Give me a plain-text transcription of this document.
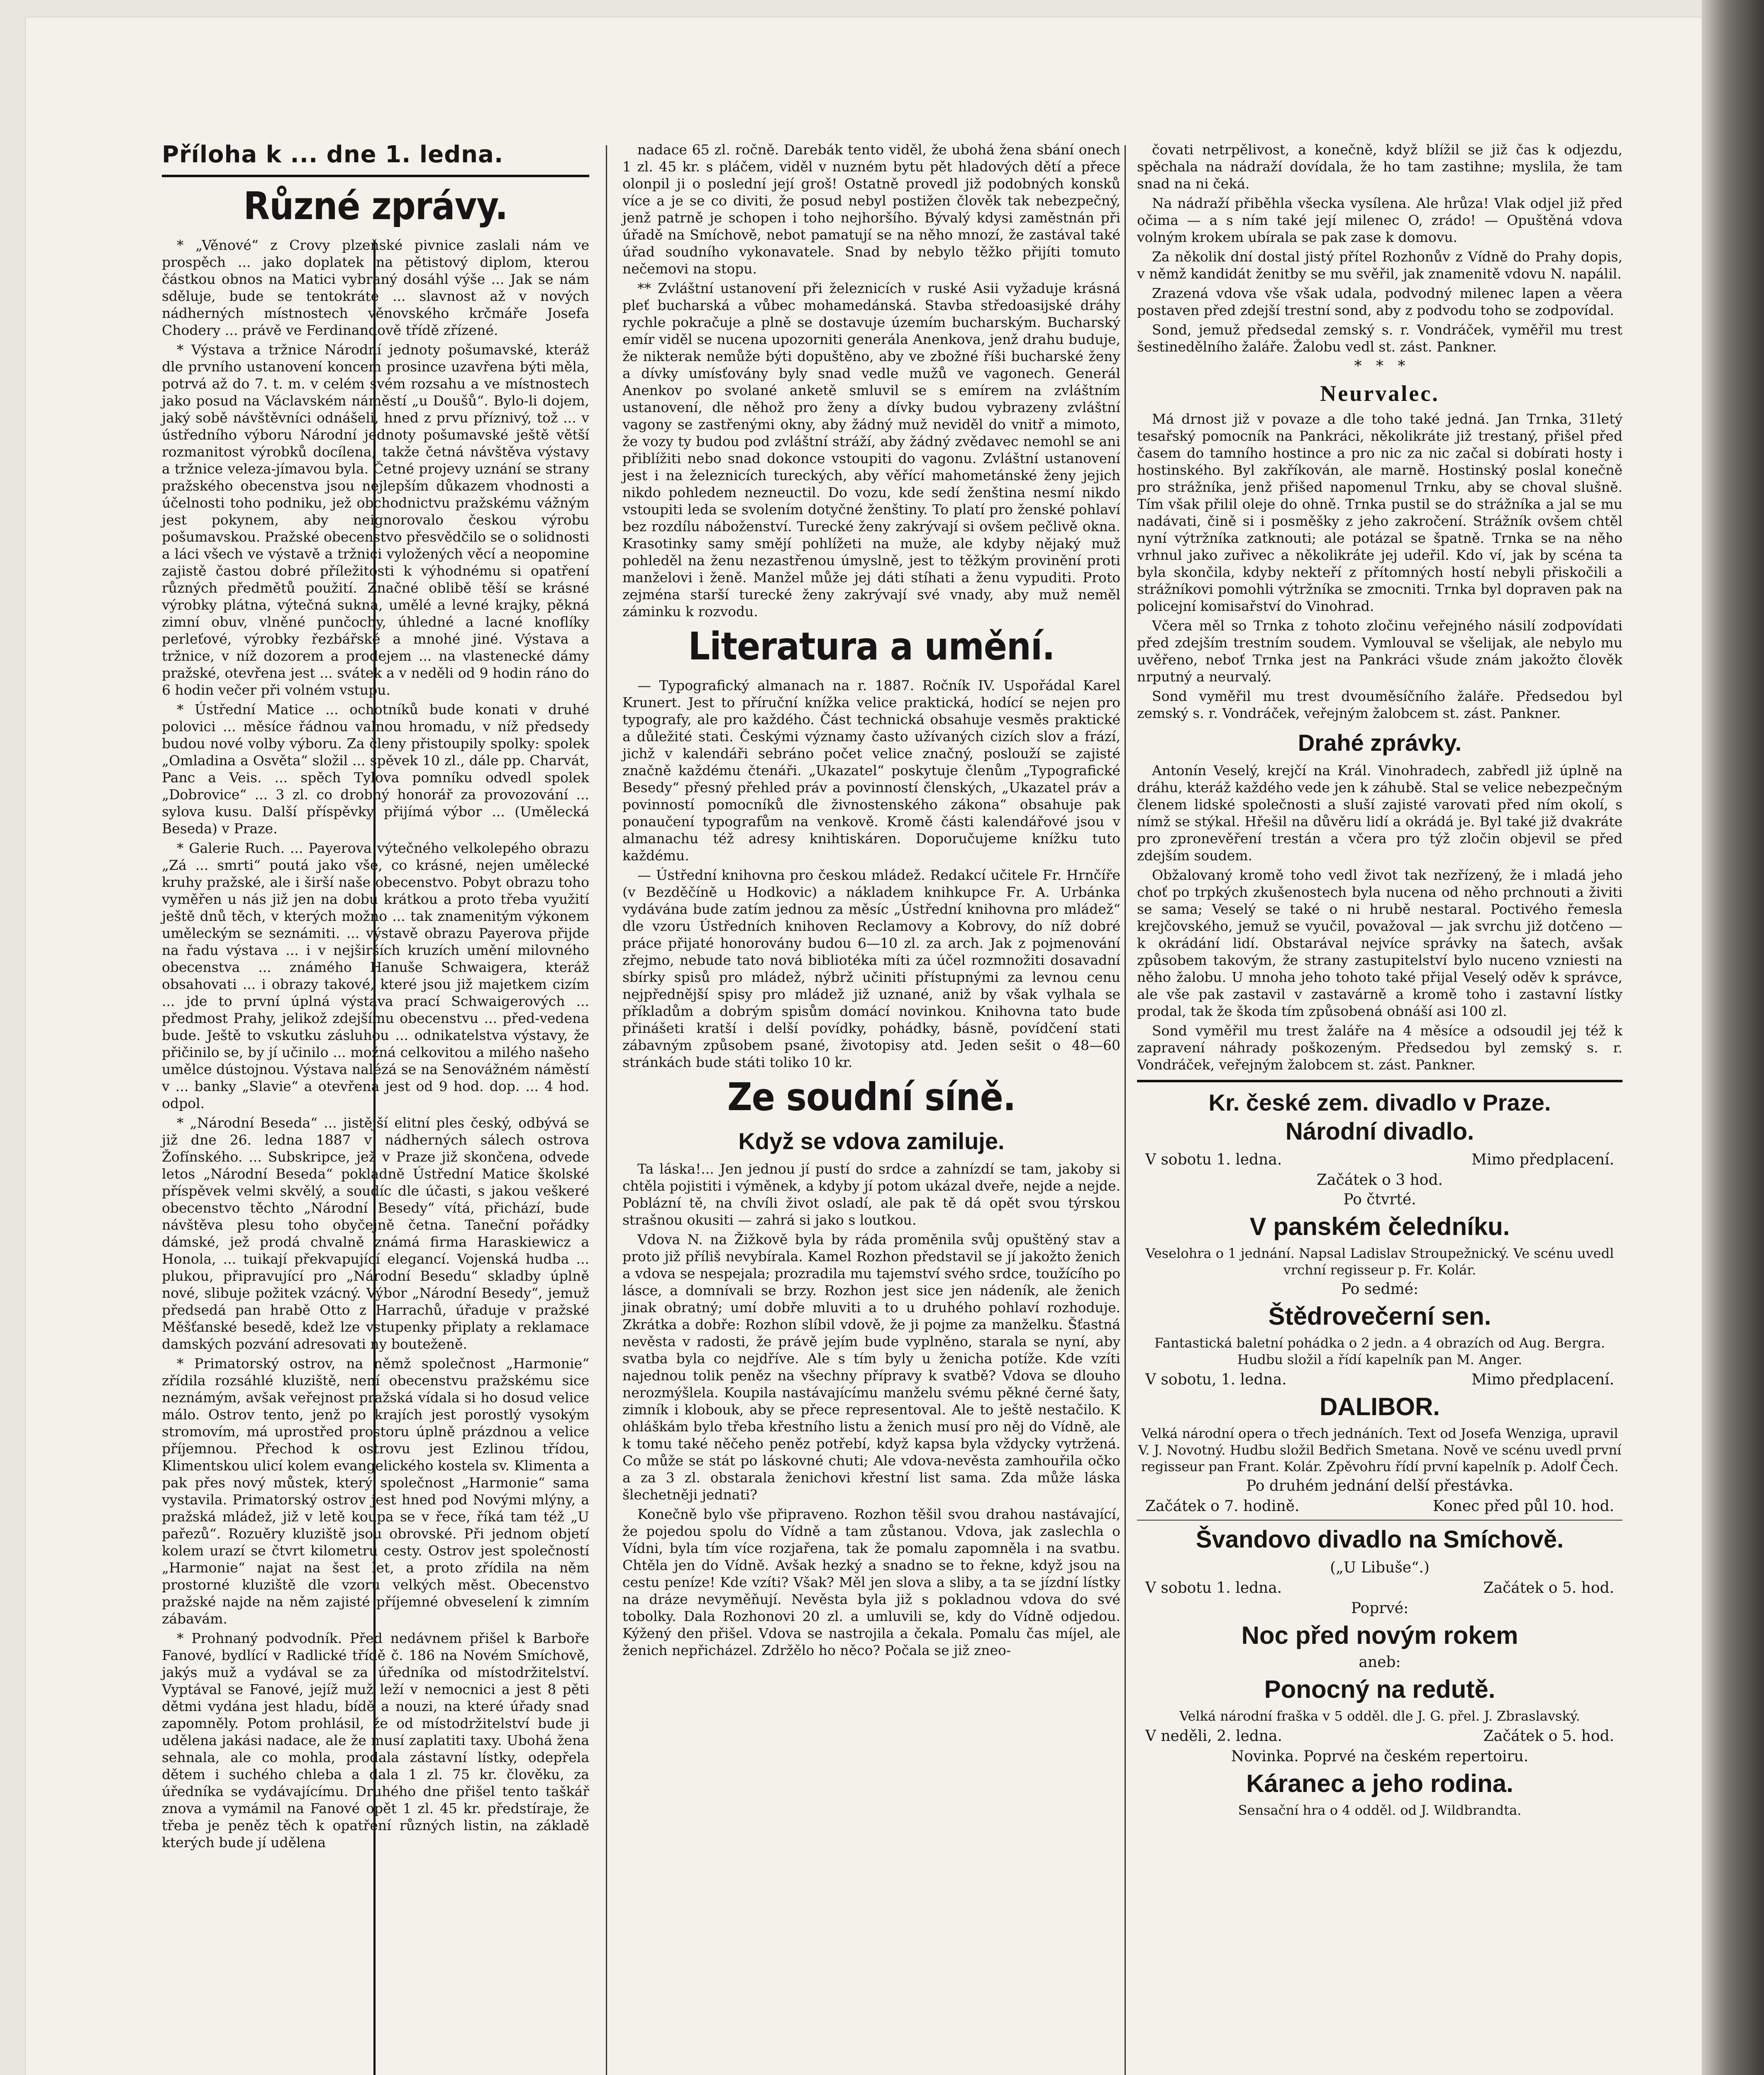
Příloha k ... dne 1. ledna.
Různé zprávy.

* „Věnové“ z Crovy plzeňské pivnice zaslali nám ve prospěch ... jako doplatek na pětistový diplom, kterou částkou obnos na Matici vybraný dosáhl výše ... Jak se nám sděluje, bude se tentokráte ... slavnost až v nových nádherných místnostech věnovského krčmáře Josefa Chodery ... právě ve Ferdinandově třídě zřízené.

* Výstava a tržnice Národní jednoty pošumavské, kteráž dle prvního ustanovení koncem prosince uzavřena býti měla, potrvá až do 7. t. m. v celém svém rozsahu a ve místnostech jako posud na Václavském náměstí „u Doušů“. Bylo-li dojem, jaký sobě návštěvníci odnášeli, hned z prvu příznivý, tož ... v ústředního výboru Národní jednoty pošumavské ještě větší rozmanitost výrobků docílena, takže četná návštěva výstavy a tržnice veleza-jímavou byla. Četné projevy uznání se strany pražského obecenstva jsou nejlepším důkazem vhodnosti a účelnosti toho podniku, jež obchodnictvu pražskému vážným jest pokynem, aby neignorovalo českou výrobu pošumavskou. Pražské obecenstvo přesvědčilo se o solidnosti a láci všech ve výstavě a tržnici vyložených věcí a neopomine zajistě častou dobré příležitosti k výhodnému si opatření různých předmětů použití. Značné oblibě těší se krásné výrobky plátna, výtečná sukna, umělé a levné krajky, pěkná zimní obuv, vlněné punčochy, úhledné a lacné knoflíky perleťové, výrobky řezbářské a mnohé jiné. Výstava a tržnice, v níž dozorem a prodejem ... na vlastenecké dámy pražské, otevřena jest ... svátek a v neděli od 9 hodin ráno do 6 hodin večer při volném vstupu.

* Ústřední Matice ... ochotníků bude konati v druhé polovici ... měsíce řádnou valnou hromadu, v níž předsedy budou nové volby výboru. Za členy přistoupily spolky: spolek „Omladina a Osvěta“ složil ... spěvek 10 zl., dále pp. Charvát, Panc a Veis. ... spěch Tylova pomníku odvedl spolek „Dobrovice“ ... 3 zl. co drobný honorář za provozování ... sylova kusu. Další příspěvky přijímá výbor ... (Umělecká Beseda) v Praze.

* Galerie Ruch. ... Payerova výtečného velkolepého obrazu „Zá ... smrti“ poutá jako vše, co krásné, nejen umělecké kruhy pražské, ale i širší naše obecenstvo. Pobyt obrazu toho vyměřen u nás již jen na dobu krátkou a proto třeba využití ještě dnů těch, v kterých možno ... tak znamenitým výkonem uměleckým se seznámiti. ... výstavě obrazu Payerova přijde na řadu výstava ... i v nejširších kruzích umění milovného obecenstva ... známého Hanuše Schwaigera, kteráž obsahovati ... i obrazy takové, které jsou již majetkem cizím ... jde to první úplná výstava prací Schwaigerových ... předmost Prahy, jelikož zdejšímu obecenstvu ... před-vedena bude. Ještě to vskutku zásluhou ... odnikatelstva výstavy, že přičinilo se, by jí učinilo ... možná celkovitou a milého našeho umělce dústojnou. Výstava nalézá se na Senovážném náměstí v ... banky „Slavie“ a otevřena jest od 9 hod. dop. ... 4 hod. odpol.

* „Národní Beseda“ ... jistější elitní ples český, odbývá se již dne 26. ledna 1887 v nádherných sálech ostrova Žofínského. ... Subskripce, jež v Praze již skončena, odvede letos „Národní Beseda“ pokladně Ústřední Matice školské příspěvek velmi skvělý, a soudíc dle účasti, s jakou veškeré obecenstvo těchto „Národní Besedy“ vítá, přichází, bude návštěva plesu toho obyčejně četna. Taneční pořádky dámské, jež prodá chvalně známá firma Haraskiewicz a Honola, ... tuikají překvapující elegancí. Vojenská hudba ... plukou, připravující pro „Národní Besedu“ skladby úplně nové, slibuje požitek vzácný. Výbor „Národní Besedy“, jemuž předsedá pan hrabě Otto z Harrachů, úřaduje v pražské Měšťanské besedě, kdež lze vstupenky připlaty a reklamace damských pozvání adresovati ny bouteženě.

* Primatorský ostrov, na němž společnost „Harmonie“ zřídila rozsáhlé kluziště, není obecenstvu pražskému sice neznámým, avšak veřejnost pražská vídala si ho dosud velice málo. Ostrov tento, jenž po krajích jest porostlý vysokým stromovím, má uprostřed prostoru úplně prázdnou a velice příjemnou. Přechod k ostrovu jest Ezlinou třídou, Klimentskou ulicí kolem evangelického kostela sv. Klimenta a pak přes nový můstek, který společnost „Harmonie“ sama vystavila. Primatorský ostrov jest hned pod Novými mlýny, a pražská mládež, již v letě koupa se v řece, říká tam též „U pařezů“. Rozuěry kluziště jsou obrovské. Při jednom objetí kolem urazí se čtvrt kilometru cesty. Ostrov jest společností „Harmonie“ najat na šest let, a proto zřídila na něm prostorné kluziště dle vzoru velkých měst. Obecenstvo pražské najde na něm zajisté příjemné obveselení k zimním zábavám.

* Prohnaný podvodník. Před nedávnem přišel k Barboře Fanové, bydlící v Radlické třídě č. 186 na Novém Smíchově, jakýs muž a vydával se za úředníka od místodržitelství. Vyptával se Fanové, jejíž muž leží v nemocnici a jest 8 pěti dětmi vydána jest hladu, bídě a nouzi, na které úřady snad zapomněly. Potom prohlásil, že od místodržitelství bude ji udělena jakási nadace, ale že musí zaplatiti taxy. Ubohá žena sehnala, ale co mohla, prodala zástavní lístky, odepřela dětem i suchého chleba a dala 1 zl. 75 kr. člověku, za úředníka se vydávajícímu. Druhého dne přišel tento taškář znova a vymámil na Fanové opět 1 zl. 45 kr. předstíraje, že třeba je peněz těch k opatření různých listin, na základě kterých bude jí udělena

nadace 65 zl. ročně. Darebák tento viděl, že ubohá žena sbání onech 1 zl. 45 kr. s pláčem, viděl v nuzném bytu pět hladových dětí a přece olonpil ji o poslední její groš! Ostatně provedl již podobných konsků více a je se co diviti, že posud nebyl postižen člověk tak nebezpečný, jenž patrně je schopen i toho nejhoršího. Bývalý kdysi zaměstnán při úřadě na Smíchově, nebot pamatují se na něho mnozí, že zastával také úřad soudního vykonavatele. Snad by nebylo těžko přijíti tomuto nečemovi na stopu.

** Zvláštní ustanovení při železnicích v ruské Asii vyžaduje krásná pleť bucharská a vůbec mohamedánská. Stavba středoasijské dráhy rychle pokračuje a plně se dostavuje územím bucharským. Bucharský emír viděl se nucena upozorniti generála Anenkova, jenž drahu buduje, že nikterak nemůže býti dopuštěno, aby ve zbožné říši bucharské ženy a dívky umísťovány byly snad vedle mužů ve vagonech. Generál Anenkov po svolané anketě smluvil se s emírem na zvláštním ustanovení, dle něhož pro ženy a dívky budou vybrazeny zvláštní vagony se zastřenými okny, aby žádný muž neviděl do vnitř a mimoto, že vozy ty budou pod zvláštní stráží, aby žádný zvědavec nemohl se ani přiblížiti nebo snad dokonce vstoupiti do vagonu. Zvláštní ustanovení jest i na železnicích tureckých, aby věřící mahometánské ženy jejich nikdo pohledem nezneuctil. Do vozu, kde sedí ženština nesmí nikdo vstoupiti leda se svolením dotyčné ženštiny. To platí pro ženské pohlaví bez rozdílu náboženství. Turecké ženy zakrývají si ovšem pečlivě okna. Krasotinky samy smějí pohlížeti na muže, ale kdyby nějaký muž pohleděl na ženu nezastřenou úmyslně, jest to těžkým provinění proti manželovi i ženě. Manžel může jej dáti stíhati a ženu vypuditi. Proto zejména starší turecké ženy zakrývají své vnady, aby muž neměl záminku k rozvodu.

Literatura a umění.

— Typografický almanach na r. 1887. Ročník IV. Uspořádal Karel Krunert. Jest to příruční knížka velice praktická, hodící se nejen pro typografy, ale pro každého. Část technická obsahuje vesměs praktické a důležité stati. Českými významy často užívaných cizích slov a frází, jichž v kalendáři sebráno počet velice značný, poslouží se zajisté značně každému čtenáři. „Ukazatel“ poskytuje členům „Typografické Besedy“ přesný přehled práv a povinností členských, „Ukazatel práv a povinností pomocníků dle živnostenského zákona“ obsahuje pak ponaučení typografům na venkově. Kromě části kalendářové jsou v almanachu též adresy knihtiskáren. Doporučujeme knížku tuto každému.

— Ústřední knihovna pro českou mládež. Redakcí učitele Fr. Hrnčíře (v Bezděčíně u Hodkovic) a nákladem knihkupce Fr. A. Urbánka vydávána bude zatím jednou za měsíc „Ústřední knihovna pro mládež“ dle vzoru Ústředních knihoven Reclamovy a Kobrovy, do níž dobré práce přijaté honorovány budou 6—10 zl. za arch. Jak z pojmenování zřejmo, nebude tato nová bibliotéka míti za účel rozmnožiti dosavadní sbírky spisů pro mládež, nýbrž učiniti přístupnými za levnou cenu nejpřednější spisy pro mládež již uznané, aniž by však vylhala se příkladům a dobrým spisům domácí novinkou. Knihovna tato bude přinášeti kratší i delší povídky, pohádky, básně, povídčení stati zábavným způsobem psané, životopisy atd. Jeden sešit o 48—60 stránkách bude státi toliko 10 kr.

Ze soudní síně.
Když se vdova zamiluje.

Ta láska!... Jen jednou jí pustí do srdce a zahnízdí se tam, jakoby si chtěla pojistiti i výměnek, a kdyby jí potom ukázal dveře, nejde a nejde. Poblázní tě, na chvíli život osladí, ale pak tě dá opět svou týrskou strašnou okusiti — zahrá si jako s loutkou.

Vdova N. na Žižkově byla by ráda proměnila svůj opuštěný stav a proto již příliš nevybírala. Kamel Rozhon představil se jí jakožto ženich a vdova se nespejala; prozradila mu tajemství svého srdce, toužícího po lásce, a domnívali se brzy. Rozhon jest sice jen nádeník, ale ženich jinak obratný; umí dobře mluviti a to u druhého pohlaví rozhoduje. Zkrátka a dobře: Rozhon slíbil vdově, že ji pojme za manželku. Šťastná nevěsta v radosti, že právě jejím bude vyplněno, starala se nyní, aby svatba byla co nejdříve. Ale s tím byly u ženicha potíže. Kde vzíti najednou tolik peněz na všechny přípravy k svatbě? Vdova se dlouho nerozmýšlela. Koupila nastávajícímu manželu svému pěkné černé šaty, zimník i klobouk, aby se přece representoval. Ale to ještě nestačilo. K ohláškám bylo třeba křestního listu a ženich musí pro něj do Vídně, ale k tomu také něčeho peněz potřebí, když kapsa byla vždycky vytržená. Co může se stát po láskovné chuti; Ale vdova-nevěsta zamhouřila očko a za 3 zl. obstarala ženichovi křestní list sama. Zda může láska šlechetněji jednati?

Konečně bylo vše připraveno. Rozhon těšil svou drahou nastávající, že pojedou spolu do Vídně a tam zůstanou. Vdova, jak zaslechla o Vídni, byla tím více rozjařena, tak že pomalu zapomněla i na svatbu. Chtěla jen do Vídně. Avšak hezký a snadno se to řekne, když jsou na cestu peníze! Kde vzíti? Však? Měl jen slova a sliby, a ta se jízdní lístky na dráze nevyměňují. Nevěsta byla již s pokladnou vdova do své tobolky. Dala Rozhonovi 20 zl. a umluvili se, kdy do Vídně odjedou. Kýžený den přišel. Vdova se nastrojila a čekala. Pomalu čas míjel, ale ženich nepřicházel. Zdržělo ho něco? Počala se již zneo-

čovati netrpělivost, a konečně, když blížil se již čas k odjezdu, spěchala na nádraží dovídala, že ho tam zastihne; myslila, že tam snad na ni čeká.

Na nádraží přiběhla všecka vysílena. Ale hrůza! Vlak odjel již před očima — a s ním také její milenec O, zrádo! — Opuštěná vdova volným krokem ubírala se pak zase k domovu.

Za několik dní dostal jistý přítel Rozhonův z Vídně do Prahy dopis, v němž kandidát ženitby se mu svěřil, jak znamenitě vdovu N. napálil.

Zrazená vdova vše však udala, podvodný milenec lapen a věera postaven před zdejší trestní sond, aby z podvodu toho se zodpovídal.

Sond, jemuž předsedal zemský s. r. Vondráček, vyměřil mu trest šestinedělního žaláře. Žalobu vedl st. zást. Pankner.

*   *   *
Neurvalec.

Má drnost již v povaze a dle toho také jedná. Jan Trnka, 31letý tesařský pomocník na Pankráci, několikráte již trestaný, přišel před časem do tamního hostince a pro nic za nic začal si dobírati hosty i hostinského. Byl zakříkován, ale marně. Hostinský poslal konečně pro strážníka, jenž přišed napomenul Trnku, aby se choval slušně. Tím však přilil oleje do ohně. Trnka pustil se do strážníka a jal se mu nadávati, čině si i posměšky z jeho zakročení. Strážník ovšem chtěl nyní výtržníka zatknouti; ale potázal se špatně. Trnka se na něho vrhnul jako zuřivec a několikráte jej udeřil. Kdo ví, jak by scéna ta byla skončila, kdyby nekteří z přítomných hostí nebyli přiskočili a strážníkovi pomohli výtržníka se zmocniti. Trnka byl dopraven pak na policejní komisařství do Vinohrad.

Včera měl so Trnka z tohoto zločinu veřejného násilí zodpovídati před zdejším trestním soudem. Vymlouval se všelijak, ale nebylo mu uvěřeno, neboť Trnka jest na Pankráci všude znám jakožto člověk nrputný a neurvalý.

Sond vyměřil mu trest dvouměsíčního žaláře. Předsedou byl zemský s. r. Vondráček, veřejným žalobcem st. zást. Pankner.

Drahé zprávky.

Antonín Veselý, krejčí na Král. Vinohradech, zabředl již úplně na dráhu, kteráž každého vede jen k záhubě. Stal se velice nebezpečným členem lidské společnosti a sluší zajisté varovati před ním okolí, s nímž se stýkal. Hřešil na důvěru lidí a okrádá je. Byl také již dvakráte pro zpronevěření trestán a včera pro týž zločin objevil se před zdejším soudem.

Obžalovaný kromě toho vedl život tak nezřízený, že i mladá jeho choť po trpkých zkušenostech byla nucena od něho prchnouti a živiti se sama; Veselý se také o ni hrubě nestaral. Poctivého řemesla krejčovského, jemuž se vyučil, považoval — jak svrchu již dotčeno — k okrádání lidí. Obstarával nejvíce správky na šatech, avšak způsobem takovým, že strany zastupitelství bylo nuceno vzniesti na něho žalobu. U mnoha jeho tohoto také přijal Veselý oděv k správce, ale vše pak zastavil v zastavárně a kromě toho i zastavní lístky prodal, tak že škoda tím způsobená obnáší asi 100 zl.

Sond vyměřil mu trest žaláře na 4 měsíce a odsoudil jej též k zapravení náhrady poškozeným. Předsedou byl zemský s. r. Vondráček, veřejným žalobcem st. zást. Pankner.

Kr. české zem. divadlo v Praze.
Národní divadlo.
V sobotu 1. ledna.	Mimo předplacení.
Začátek o 3 hod.
Po čtvrté.
V panském čeledníku.
Veselohra o 1 jednání. Napsal Ladislav Stroupežnický. Ve scénu uvedl vrchní regisseur p. Fr. Kolár.
Po sedmé:
Štědrovečerní sen.
Fantastická baletní pohádka o 2 jedn. a 4 obrazích od Aug. Bergra. Hudbu složil a řídí kapelník pan M. Anger.
V sobotu, 1. ledna.	Mimo předplacení.
DALIBOR.
Velká národní opera o třech jednáních. Text od Josefa Wenziga, upravil V. J. Novotný. Hudbu složil Bedřich Smetana. Nově ve scénu uvedl první regisseur pan Frant. Kolár. Zpěvohru řídí první kapelník p. Adolf Čech.
Po druhém jednání delší přestávka.
Začátek o 7. hodině.	Konec před půl 10. hod.
Švandovo divadlo na Smíchově.
(„U Libuše“.)
V sobotu 1. ledna.	Začátek o 5. hod.
Poprvé:
Noc před novým rokem
aneb:
Ponocný na redutě.
Velká národní fraška v 5 odděl. dle J. G. přel. J. Zbraslavský.
V neděli, 2. ledna.	Začátek o 5. hod.
Novinka. Poprvé na českém repertoiru.
Káranec a jeho rodina.
Sensační hra o 4 odděl. od J. Wildbrandta.
